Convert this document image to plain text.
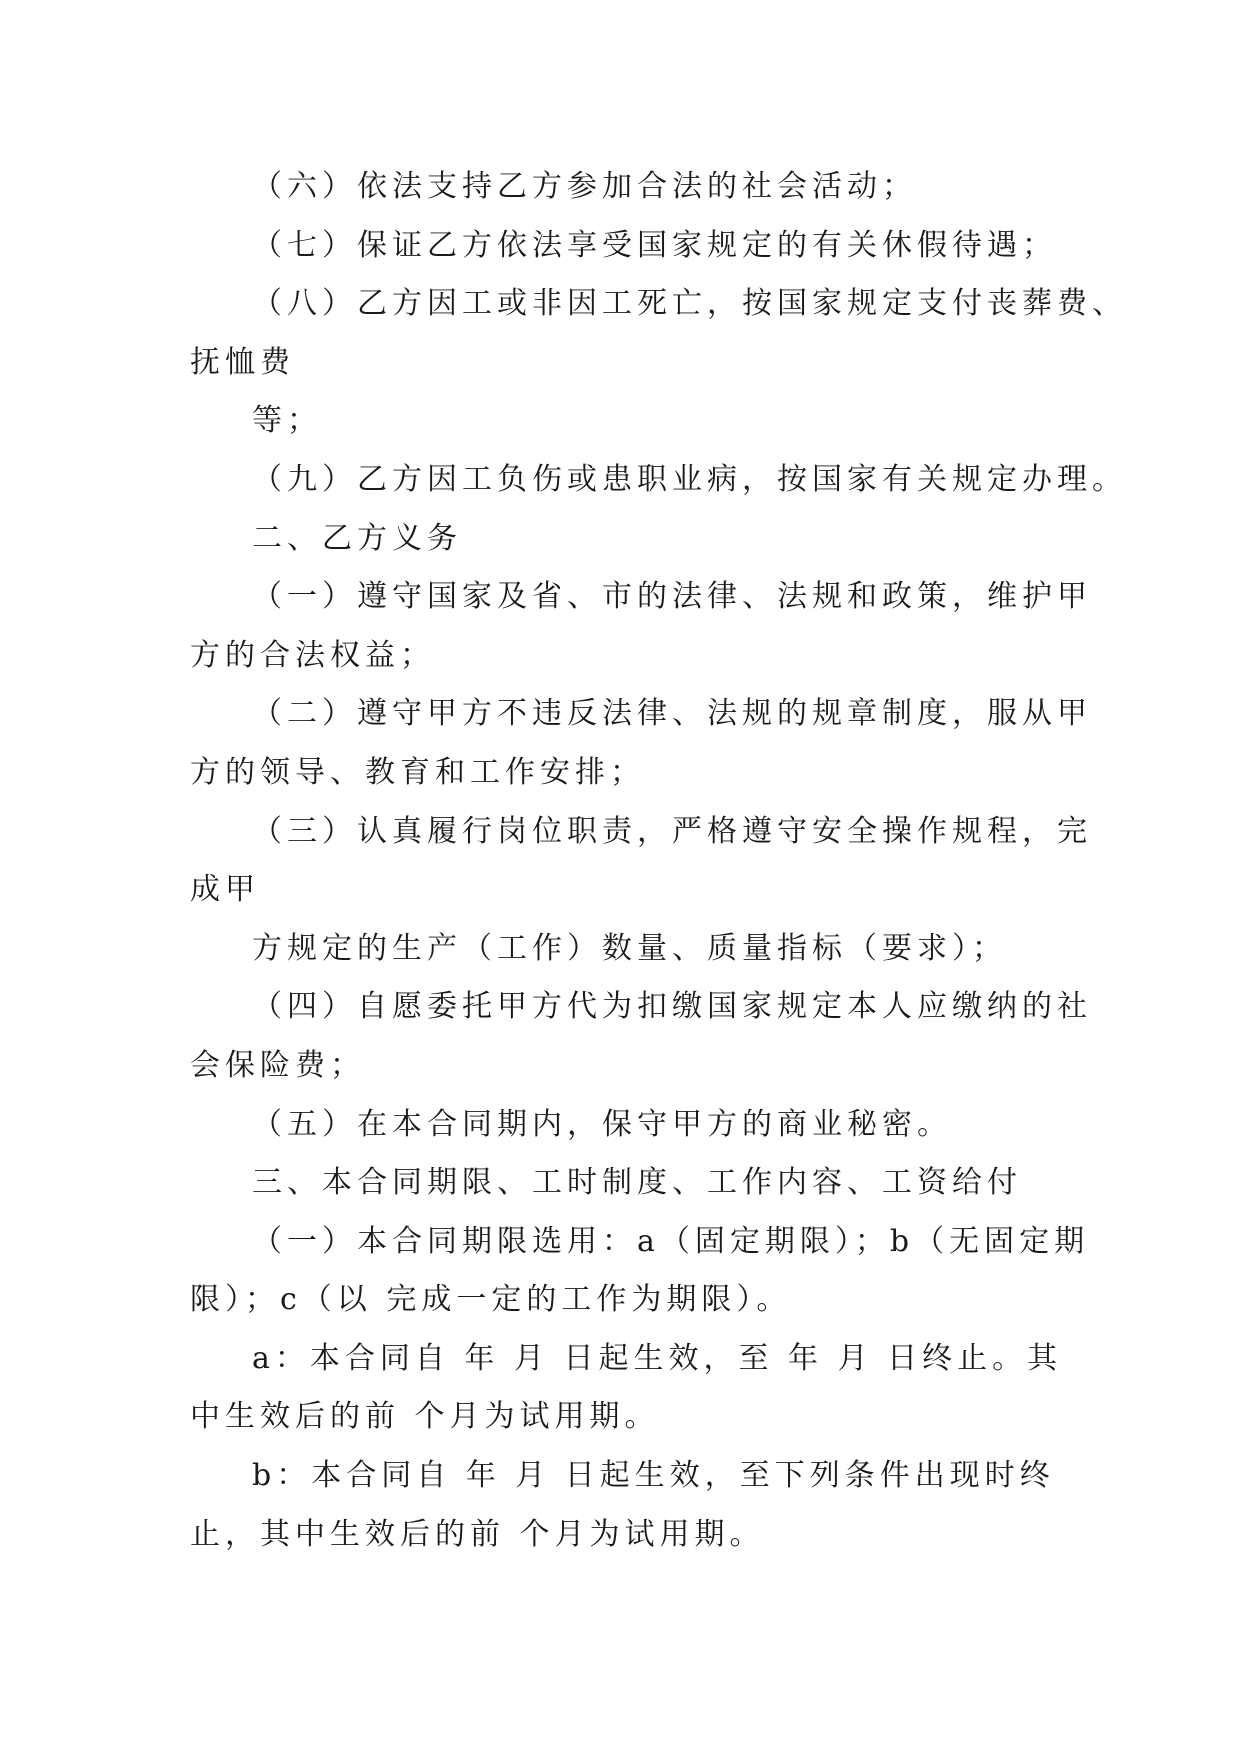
（六）依法支持乙方参加合法的社会活动；
（七）保证乙方依法享受国家规定的有关休假待遇；
（八）乙方因工或非因工死亡，按国家规定支付丧葬费、
抚恤费
等；
（九）乙方因工负伤或患职业病，按国家有关规定办理。
二、乙方义务
（一）遵守国家及省、市的法律、法规和政策，维护甲
方的合法权益；
（二）遵守甲方不违反法律、法规的规章制度，服从甲
方的领导、教育和工作安排；
（三）认真履行岗位职责，严格遵守安全操作规程，完
成甲
方规定的生产（工作）数量、质量指标（要求）；
（四）自愿委托甲方代为扣缴国家规定本人应缴纳的社
会保险费；
（五）在本合同期内，保守甲方的商业秘密。
三、本合同期限、工时制度、工作内容、工资给付
（一）本合同期限选用：a（固定期限）；b（无固定期
限）；c（以 完成一定的工作为期限）。
a：本合同自 年 月 日起生效，至 年 月 日终止。其
中生效后的前 个月为试用期。
b：本合同自 年 月 日起生效，至下列条件出现时终
止，其中生效后的前 个月为试用期。
